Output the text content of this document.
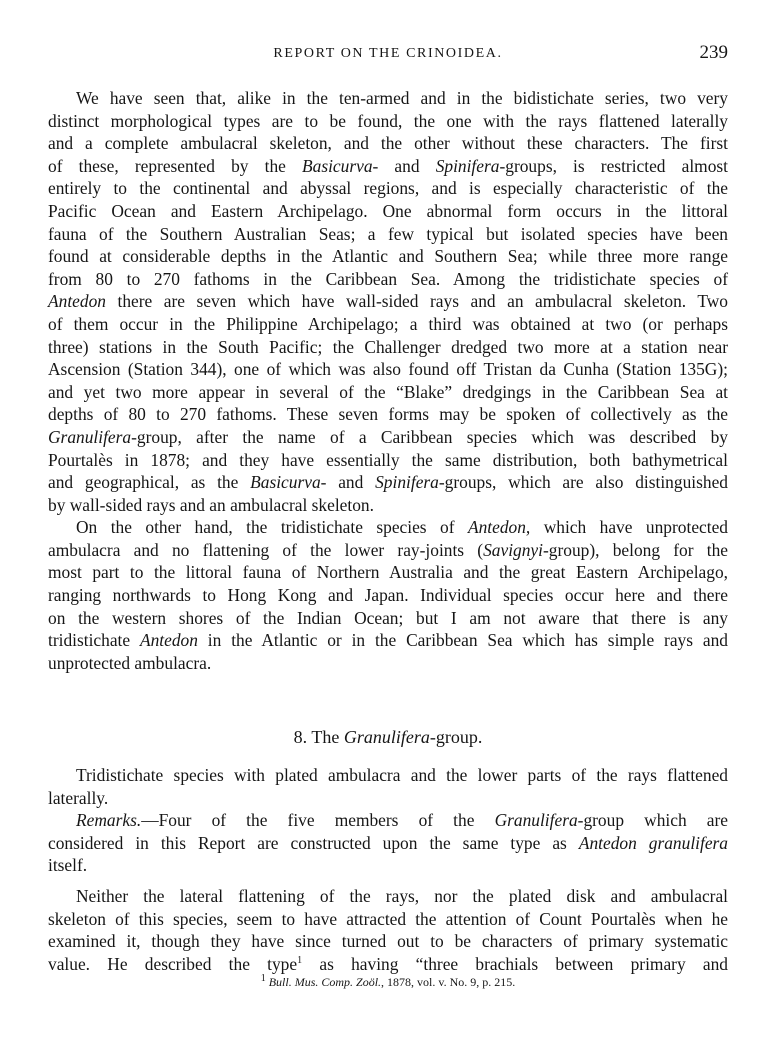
REPORT ON THE CRINOIDEA.	239
We have seen that, alike in the ten-armed and in the bidistichate series, two very
distinct morphological types are to be found, the one with the rays flattened laterally
and a complete ambulacral skeleton, and the other without these characters. The first
of these, represented by the Basicurva- and Spinifera-groups, is restricted almost
entirely to the continental and abyssal regions, and is especially characteristic of the
Pacific Ocean and Eastern Archipelago. One abnormal form occurs in the littoral
fauna of the Southern Australian Seas; a few typical but isolated species have been
found at considerable depths in the Atlantic and Southern Sea; while three more range
from 80 to 270 fathoms in the Caribbean Sea. Among the tridistichate species of
Antedon there are seven which have wall-sided rays and an ambulacral skeleton. Two
of them occur in the Philippine Archipelago; a third was obtained at two (or perhaps
three) stations in the South Pacific; the Challenger dredged two more at a station near
Ascension (Station 344), one of which was also found off Tristan da Cunha (Station 135G);
and yet two more appear in several of the “Blake” dredgings in the Caribbean Sea at
depths of 80 to 270 fathoms. These seven forms may be spoken of collectively as the
Granulifera-group, after the name of a Caribbean species which was described by
Pourtalès in 1878; and they have essentially the same distribution, both bathymetrical
and geographical, as the Basicurva- and Spinifera-groups, which are also distinguished
by wall-sided rays and an ambulacral skeleton.
On the other hand, the tridistichate species of Antedon, which have unprotected
ambulacra and no flattening of the lower ray-joints (Savignyi-group), belong for the
most part to the littoral fauna of Northern Australia and the great Eastern Archipelago,
ranging northwards to Hong Kong and Japan. Individual species occur here and there
on the western shores of the Indian Ocean; but I am not aware that there is any
tridistichate Antedon in the Atlantic or in the Caribbean Sea which has simple rays and
unprotected ambulacra.
8. The Granulifera-group.
Tridistichate species with plated ambulacra and the lower parts of the rays flattened
laterally.
Remarks.—Four of the five members of the Granulifera-group which are
considered in this Report are constructed upon the same type as Antedon granulifera
itself.
Neither the lateral flattening of the rays, nor the plated disk and ambulacral
skeleton of this species, seem to have attracted the attention of Count Pourtalès when he
examined it, though they have since turned out to be characters of primary systematic
value. He described the type$^1$ as having “three brachials between primary and
$^1$ Bull. Mus. Comp. Zoöl., 1878, vol. v. No. 9, p. 215.
